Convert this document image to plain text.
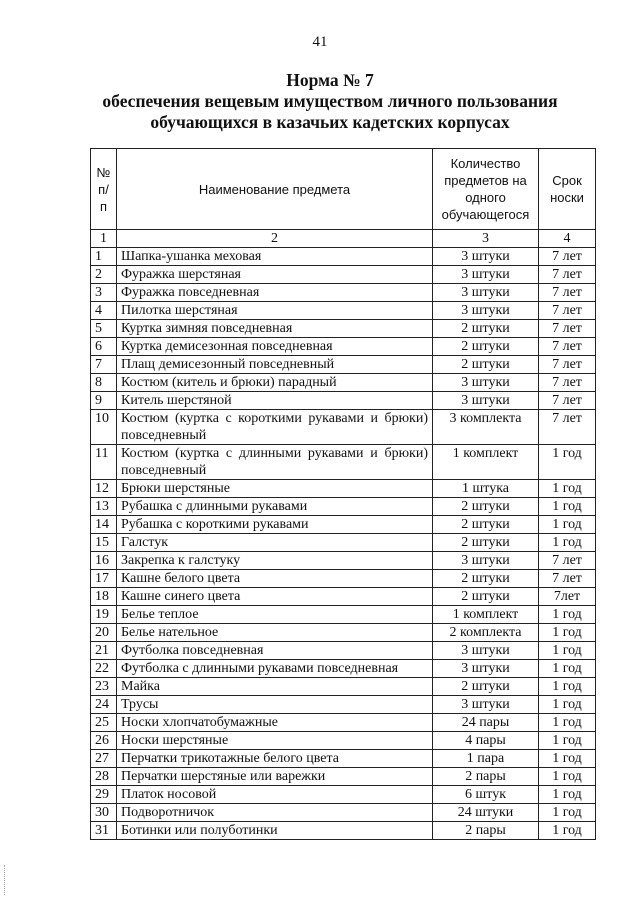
41
Норма № 7
обеспечения вещевым имуществом личного пользования
обучающихся в казачьих кадетских корпусах
№ п/п	Наименование предмета	Количество предметов на одного обучающегося	Срок носки
1	2	3	4
1	Шапка-ушанка меховая	3 штуки	7 лет
2	Фуражка шерстяная	3 штуки	7 лет
3	Фуражка повседневная	3 штуки	7 лет
4	Пилотка шерстяная	3 штуки	7 лет
5	Куртка зимняя повседневная	2 штуки	7 лет
6	Куртка демисезонная повседневная	2 штуки	7 лет
7	Плащ демисезонный повседневный	2 штуки	7 лет
8	Костюм (китель и брюки) парадный	3 штуки	7 лет
9	Китель шерстяной	3 штуки	7 лет
10	Костюм (куртка с короткими рукавами и брюки) повседневный	3 комплекта	7 лет
11	Костюм (куртка с длинными рукавами и брюки) повседневный	1 комплект	1 год
12	Брюки шерстяные	1 штука	1 год
13	Рубашка с длинными рукавами	2 штуки	1 год
14	Рубашка с короткими рукавами	2 штуки	1 год
15	Галстук	2 штуки	1 год
16	Закрепка к галстуку	3 штуки	7 лет
17	Кашне белого цвета	2 штуки	7 лет
18	Кашне синего цвета	2 штуки	7лет
19	Белье теплое	1 комплект	1 год
20	Белье нательное	2 комплекта	1 год
21	Футболка повседневная	3 штуки	1 год
22	Футболка с длинными рукавами повседневная	3 штуки	1 год
23	Майка	2 штуки	1 год
24	Трусы	3 штуки	1 год
25	Носки хлопчатобумажные	24 пары	1 год
26	Носки шерстяные	4 пары	1 год
27	Перчатки трикотажные белого цвета	1 пара	1 год
28	Перчатки шерстяные или варежки	2 пары	1 год
29	Платок носовой	6 штук	1 год
30	Подворотничок	24 штуки	1 год
31	Ботинки или полуботинки	2 пары	1 год
